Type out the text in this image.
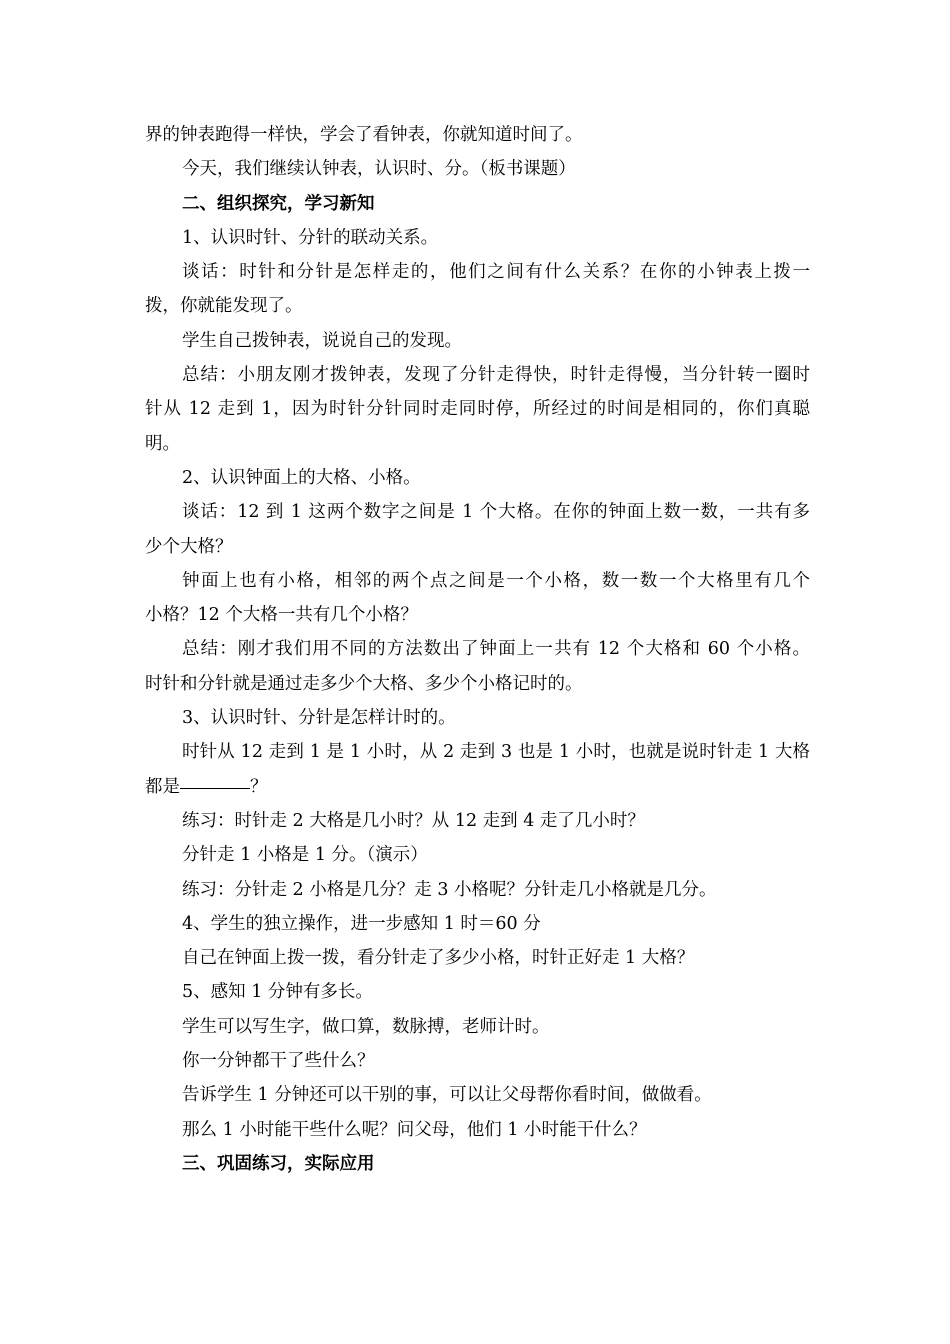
界的钟表跑得一样快，学会了看钟表，你就知道时间了。
今天，我们继续认钟表，认识时、分。（板书课题）
二、组织探究，学习新知
1、认识时针、分针的联动关系。
谈话：时针和分针是怎样走的，他们之间有什么关系？在你的小钟表上拨一
拨，你就能发现了。
学生自己拨钟表，说说自己的发现。
总结：小朋友刚才拨钟表，发现了分针走得快，时针走得慢，当分针转一圈时
针从 12 走到 1，因为时针分针同时走同时停，所经过的时间是相同的，你们真聪
明。
2、认识钟面上的大格、小格。
谈话：12 到 1 这两个数字之间是 1 个大格。在你的钟面上数一数，一共有多
少个大格？
钟面上也有小格，相邻的两个点之间是一个小格，数一数一个大格里有几个
小格？12 个大格一共有几个小格？
总结：刚才我们用不同的方法数出了钟面上一共有 12 个大格和 60 个小格。
时针和分针就是通过走多少个大格、多少个小格记时的。
3、认识时针、分针是怎样计时的。
时针从 12 走到 1 是 1 小时，从 2 走到 3 也是 1 小时，也就是说时针走 1 大格
都是	？
练习：时针走 2 大格是几小时？从 12 走到 4 走了几小时？
分针走 1 小格是 1 分。（演示）
练习：分针走 2 小格是几分？走 3 小格呢？分针走几小格就是几分。
4、学生的独立操作，进一步感知 1 时＝60 分
自己在钟面上拨一拨，看分针走了多少小格，时针正好走 1 大格？
5、感知 1 分钟有多长。
学生可以写生字，做口算，数脉搏，老师计时。
你一分钟都干了些什么？
告诉学生 1 分钟还可以干别的事，可以让父母帮你看时间，做做看。
那么 1 小时能干些什么呢？问父母，他们 1 小时能干什么？
三、巩固练习，实际应用
